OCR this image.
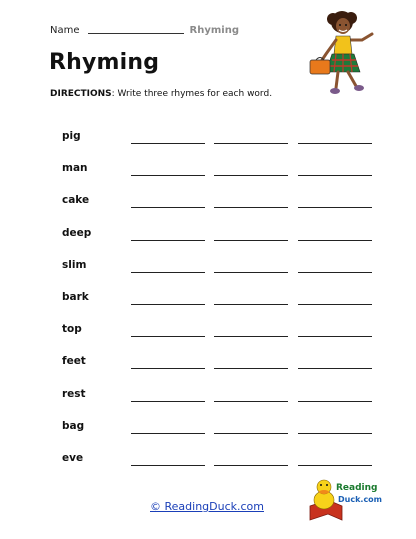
Name	Rhyming
Rhyming
DIRECTIONS: Write three rhymes for each word.
pig
man
cake
deep
slim
bark
top
feet
rest
bag
eve
Reading
Duck.com
© ReadingDuck.com
